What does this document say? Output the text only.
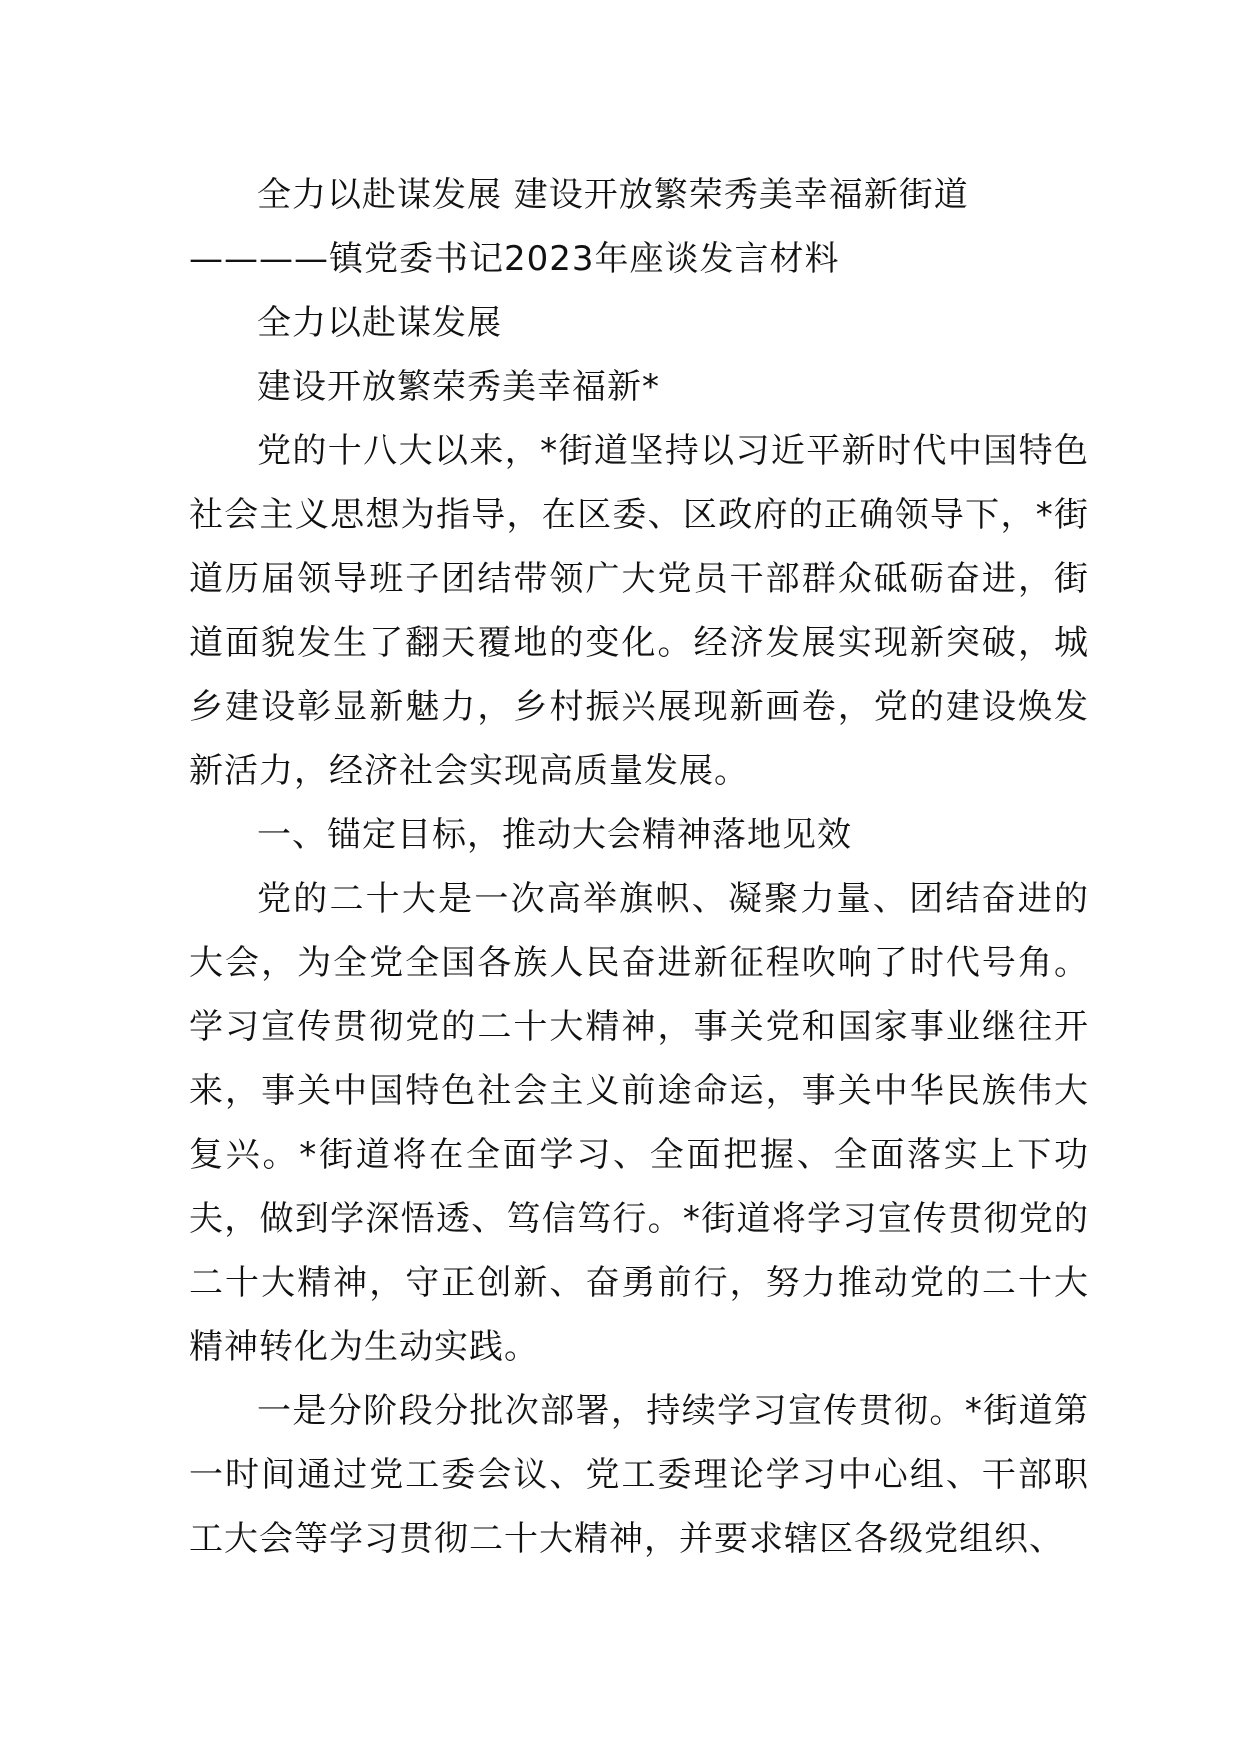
全力以赴谋发展 建设开放繁荣秀美幸福新街道————镇党委书记2023年座谈发言材料

全力以赴谋发展

建设开放繁荣秀美幸福新*

党的十八大以来，*街道坚持以习近平新时代中国特色社会主义思想为指导，在区委、区政府的正确领导下，*街道历届领导班子团结带领广大党员干部群众砥砺奋进，街道面貌发生了翻天覆地的变化。经济发展实现新突破，城乡建设彰显新魅力，乡村振兴展现新画卷，党的建设焕发新活力，经济社会实现高质量发展。

一、锚定目标，推动大会精神落地见效

党的二十大是一次高举旗帜、凝聚力量、团结奋进的大会，为全党全国各族人民奋进新征程吹响了时代号角。学习宣传贯彻党的二十大精神，事关党和国家事业继往开来，事关中国特色社会主义前途命运，事关中华民族伟大复兴。*街道将在全面学习、全面把握、全面落实上下功夫，做到学深悟透、笃信笃行。*街道将学习宣传贯彻党的二十大精神，守正创新、奋勇前行，努力推动党的二十大精神转化为生动实践。

一是分阶段分批次部署，持续学习宣传贯彻。*街道第一时间通过党工委会议、党工委理论学习中心组、干部职工大会等学习贯彻二十大精神，并要求辖区各级党组织、
